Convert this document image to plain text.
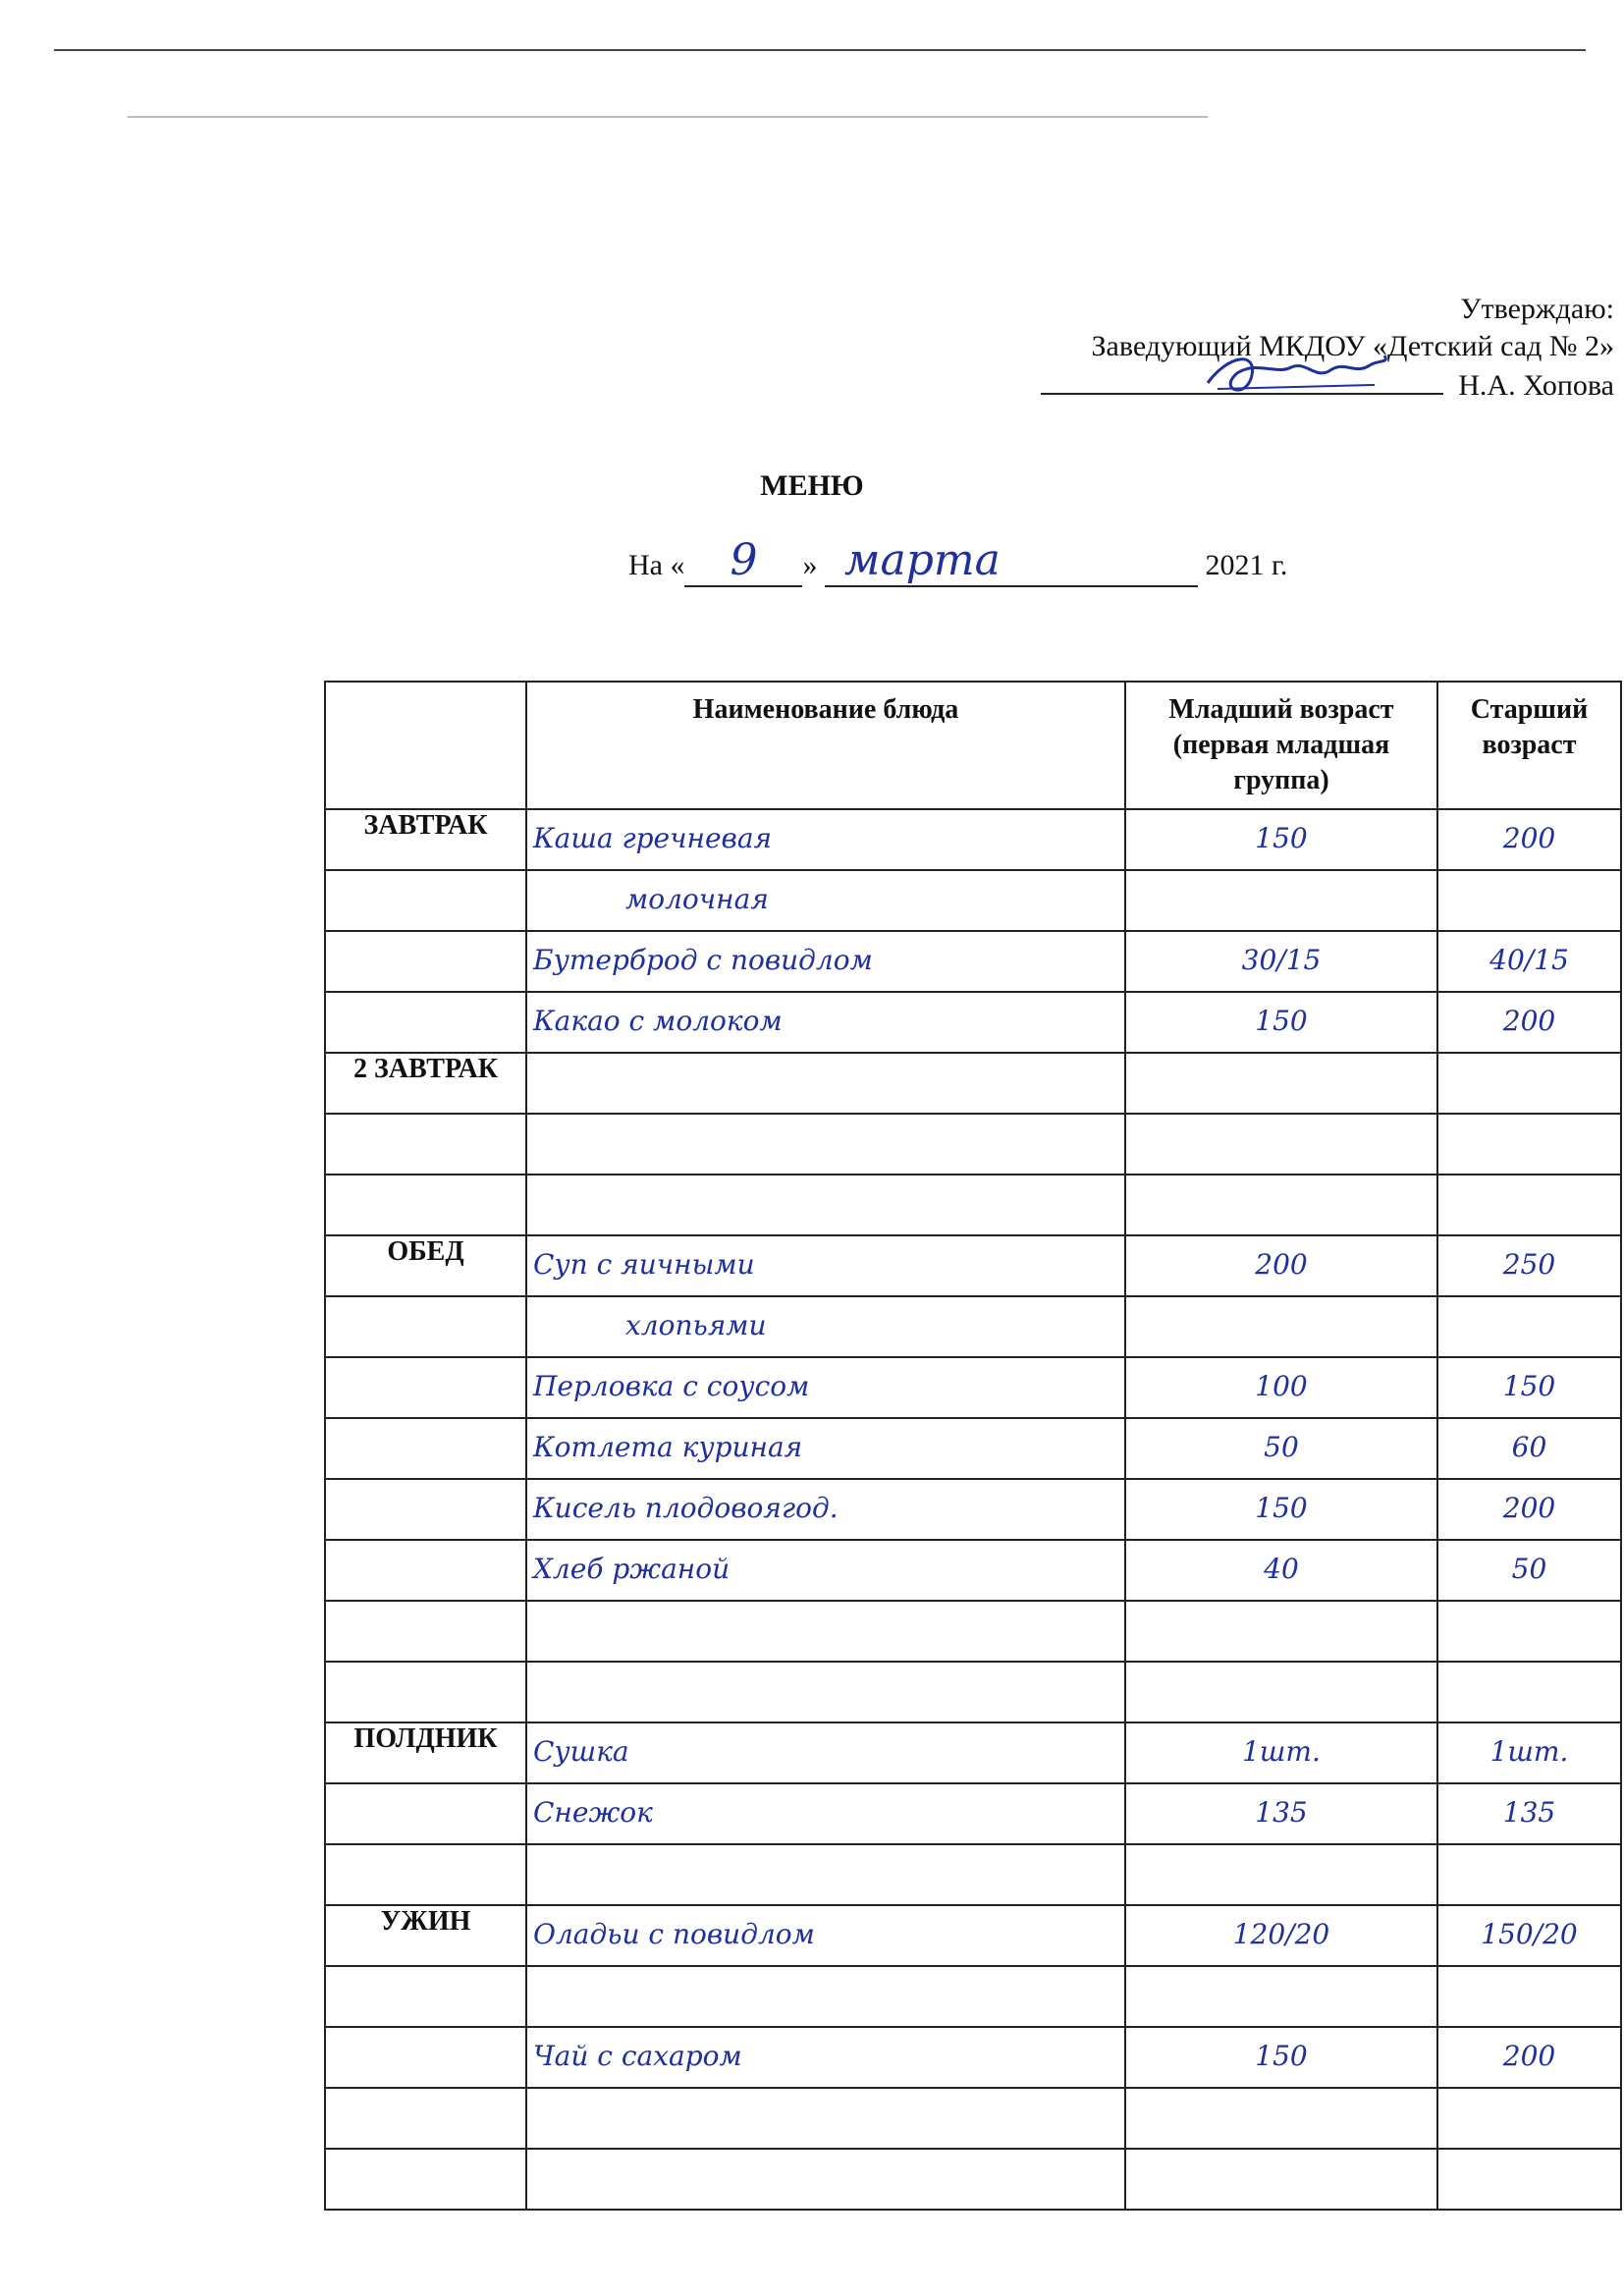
Утверждаю:
Заведующий МКДОУ «Детский сад № 2»
Н.А. Хопова
МЕНЮ
На « 9 » марта	2021 г.
	Наименование блюда	Младший возраст (первая младшая группа)	Старший возраст
ЗАВТРАК	Каша гречневая	150	200
	молочная		
	Бутерброд с повидлом	30/15	40/15
	Какао с молоком	150	200
2 ЗАВТРАК			

ОБЕД	Суп с яичными	200	250
	хлопьями		
	Перловка с соусом	100	150
	Котлета куриная	50	60
	Кисель плодовоягод.	150	200
	Хлеб ржаной	40	50

ПОЛДНИК	Сушка	1шт.	1шт.
	Снежок	135	135

УЖИН	Оладьи с повидлом	120/20	150/20

	Чай с сахаром	150	200
